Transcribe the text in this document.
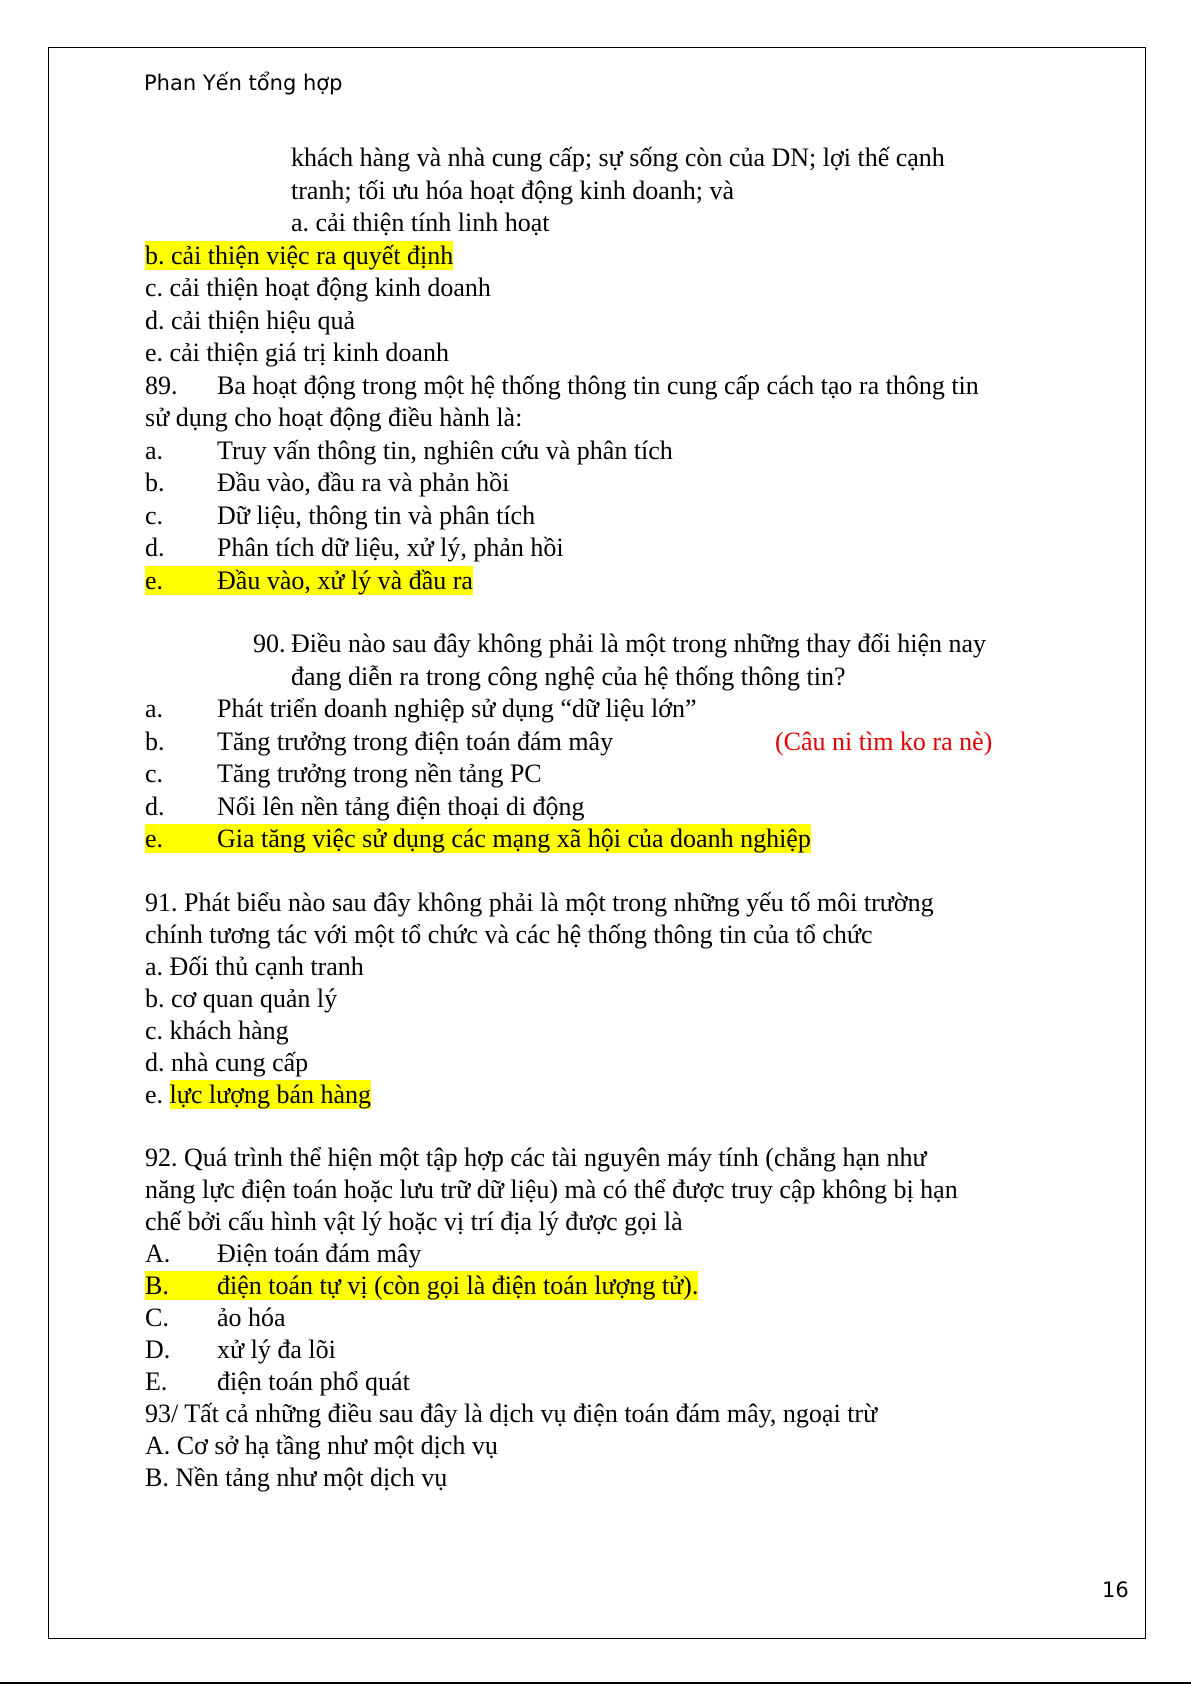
Phan Yến tổng hợp
khách hàng và nhà cung cấp; sự sống còn của DN; lợi thế cạnh
tranh; tối ưu hóa hoạt động kinh doanh; và
a. cải thiện tính linh hoạt
b. cải thiện việc ra quyết định
c. cải thiện hoạt động kinh doanh
d. cải thiện hiệu quả
e. cải thiện giá trị kinh doanh
89. Ba hoạt động trong một hệ thống thông tin cung cấp cách tạo ra thông tin
sử dụng cho hoạt động điều hành là:
a. Truy vấn thông tin, nghiên cứu và phân tích
b. Đầu vào, đầu ra và phản hồi
c. Dữ liệu, thông tin và phân tích
d. Phân tích dữ liệu, xử lý, phản hồi
e. Đầu vào, xử lý và đầu ra
90. Điều nào sau đây không phải là một trong những thay đổi hiện nay
đang diễn ra trong công nghệ của hệ thống thông tin?
a. Phát triển doanh nghiệp sử dụng “dữ liệu lớn”
b. Tăng trưởng trong điện toán đám mây	(Câu ni tìm ko ra nè)
c. Tăng trưởng trong nền tảng PC
d. Nổi lên nền tảng điện thoại di động
e. Gia tăng việc sử dụng các mạng xã hội của doanh nghiệp
91. Phát biểu nào sau đây không phải là một trong những yếu tố môi trường
chính tương tác với một tổ chức và các hệ thống thông tin của tổ chức
a. Đối thủ cạnh tranh
b. cơ quan quản lý
c. khách hàng
d. nhà cung cấp
e. lực lượng bán hàng
92. Quá trình thể hiện một tập hợp các tài nguyên máy tính (chẳng hạn như
năng lực điện toán hoặc lưu trữ dữ liệu) mà có thể được truy cập không bị hạn
chế bởi cấu hình vật lý hoặc vị trí địa lý được gọi là
A. Điện toán đám mây
B. điện toán tự vị (còn gọi là điện toán lượng tử).
C. ảo hóa
D. xử lý đa lõi
E. điện toán phổ quát
93/ Tất cả những điều sau đây là dịch vụ điện toán đám mây, ngoại trừ
A. Cơ sở hạ tầng như một dịch vụ
B. Nền tảng như một dịch vụ
16
